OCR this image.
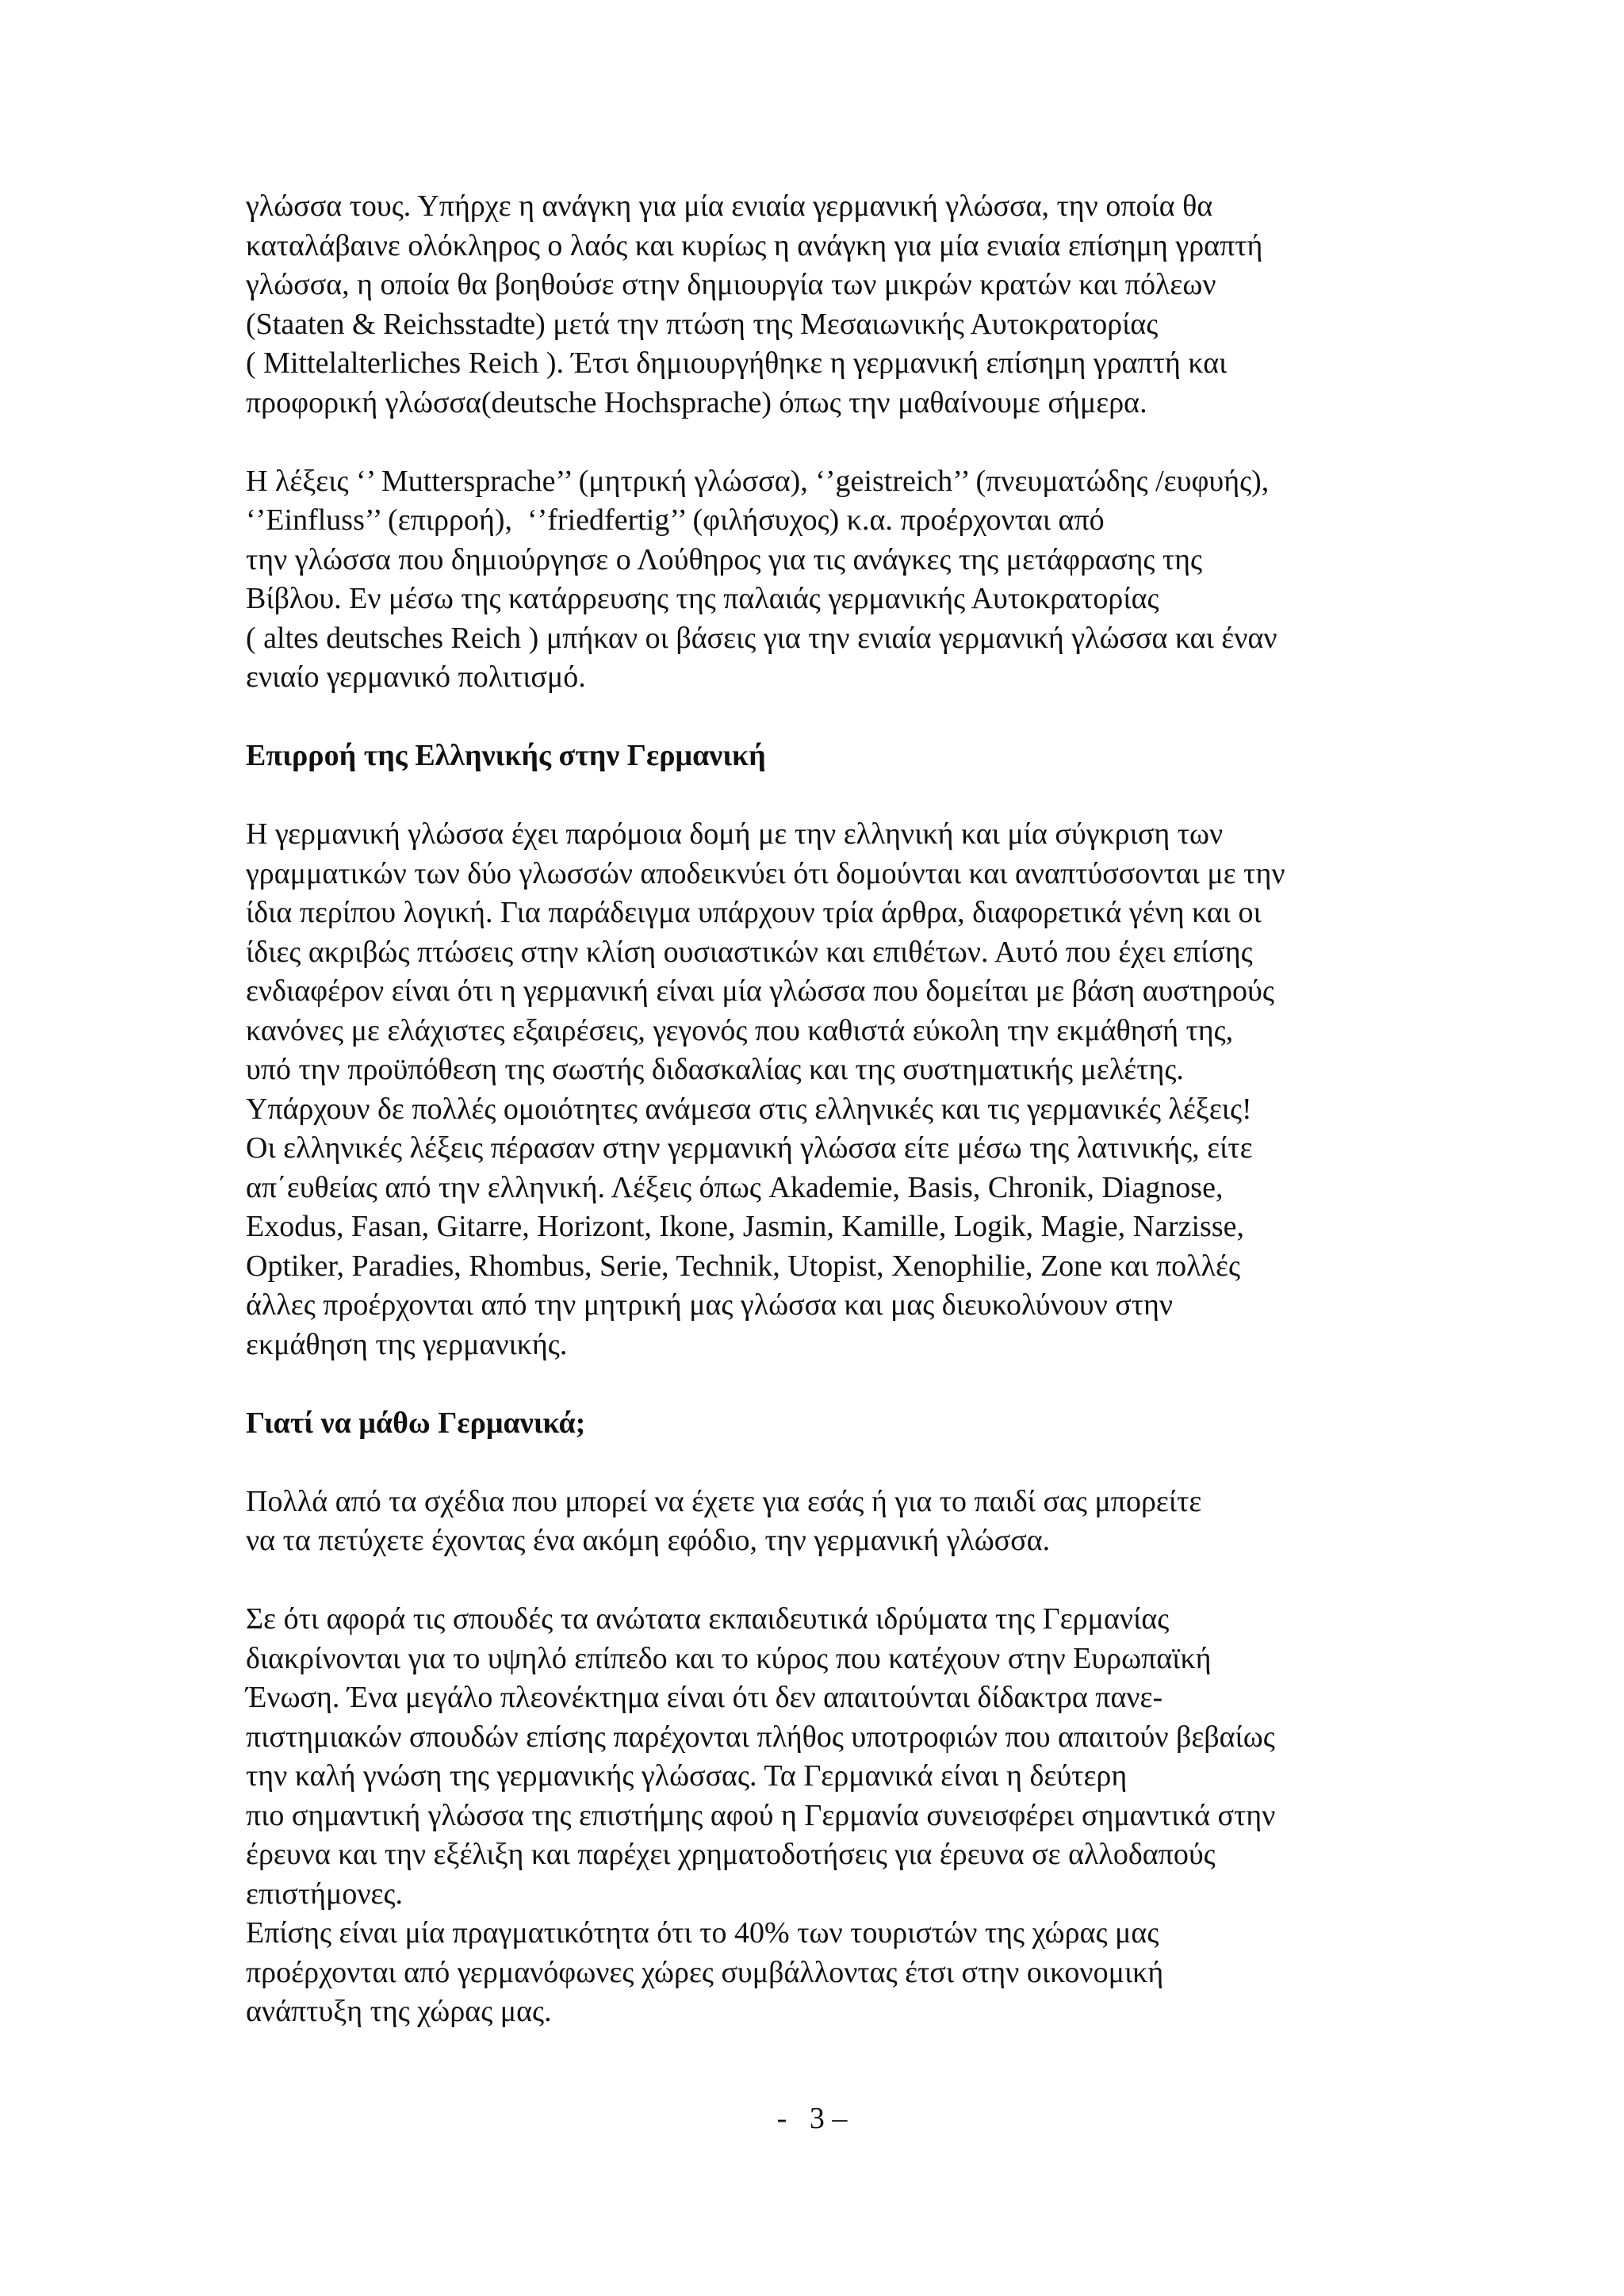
γλώσσα τους. Υπήρχε η ανάγκη για μία ενιαία γερμανική γλώσσα, την οποία θα
καταλάβαινε ολόκληρος ο λαός και κυρίως η ανάγκη για μία ενιαία επίσημη γραπτή
γλώσσα, η οποία θα βοηθούσε στην δημιουργία των μικρών κρατών και πόλεων
(Staaten & Reichsstadte) μετά την πτώση της Μεσαιωνικής Αυτοκρατορίας
( Mittelalterliches Reich ). Έτσι δημιουργήθηκε η γερμανική επίσημη γραπτή και
προφορική γλώσσα(deutsche Hochsprache) όπως την μαθαίνουμε σήμερα.
Η λέξεις ‘’ Muttersprache’’ (μητρική γλώσσα), ‘’geistreich’’ (πνευματώδης /ευφυής),
‘’Einfluss’’ (επιρροή),  ‘’friedfertig’’ (φιλήσυχος) κ.α. προέρχονται από
την γλώσσα που δημιούργησε ο Λούθηρος για τις ανάγκες της μετάφρασης της
Βίβλου. Εν μέσω της κατάρρευσης της παλαιάς γερμανικής Αυτοκρατορίας
( altes deutsches Reich ) μπήκαν οι βάσεις για την ενιαία γερμανική γλώσσα και έναν
ενιαίο γερμανικό πολιτισμό.
Επιρροή της Ελληνικής στην Γερμανική
Η γερμανική γλώσσα έχει παρόμοια δομή με την ελληνική και μία σύγκριση των
γραμματικών των δύο γλωσσών αποδεικνύει ότι δομούνται και αναπτύσσονται με την
ίδια περίπου λογική. Για παράδειγμα υπάρχουν τρία άρθρα, διαφορετικά γένη και οι
ίδιες ακριβώς πτώσεις στην κλίση ουσιαστικών και επιθέτων. Αυτό που έχει επίσης
ενδιαφέρον είναι ότι η γερμανική είναι μία γλώσσα που δομείται με βάση αυστηρούς
κανόνες με ελάχιστες εξαιρέσεις, γεγονός που καθιστά εύκολη την εκμάθησή της,
υπό την προϋπόθεση της σωστής διδασκαλίας και της συστηματικής μελέτης.
Υπάρχουν δε πολλές ομοιότητες ανάμεσα στις ελληνικές και τις γερμανικές λέξεις!
Οι ελληνικές λέξεις πέρασαν στην γερμανική γλώσσα είτε μέσω της λατινικής, είτε
απ΄ευθείας από την ελληνική. Λέξεις όπως Akademie, Basis, Chronik, Diagnose,
Exodus, Fasan, Gitarre, Horizont, Ikone, Jasmin, Kamille, Logik, Magie, Narzisse,
Optiker, Paradies, Rhombus, Serie, Technik, Utopist, Xenophilie, Zone και πολλές
άλλες προέρχονται από την μητρική μας γλώσσα και μας διευκολύνουν στην
εκμάθηση της γερμανικής.
Γιατί να μάθω Γερμανικά;
Πολλά από τα σχέδια που μπορεί να έχετε για εσάς ή για το παιδί σας μπορείτε
να τα πετύχετε έχοντας ένα ακόμη εφόδιο, την γερμανική γλώσσα.
Σε ότι αφορά τις σπουδές τα ανώτατα εκπαιδευτικά ιδρύματα της Γερμανίας
διακρίνονται για το υψηλό επίπεδο και το κύρος που κατέχουν στην Ευρωπαϊκή
Ένωση. Ένα μεγάλο πλεονέκτημα είναι ότι δεν απαιτούνται δίδακτρα πανε-
πιστημιακών σπουδών επίσης παρέχονται πλήθος υποτροφιών που απαιτούν βεβαίως
την καλή γνώση της γερμανικής γλώσσας. Τα Γερμανικά είναι η δεύτερη
πιο σημαντική γλώσσα της επιστήμης αφού η Γερμανία συνεισφέρει σημαντικά στην
έρευνα και την εξέλιξη και παρέχει χρηματοδοτήσεις για έρευνα σε αλλοδαπούς
επιστήμονες.
Επίσης είναι μία πραγματικότητα ότι το 40% των τουριστών της χώρας μας
προέρχονται από γερμανόφωνες χώρες συμβάλλοντας έτσι στην οικονομική
ανάπτυξη της χώρας μας.
-   3 –
